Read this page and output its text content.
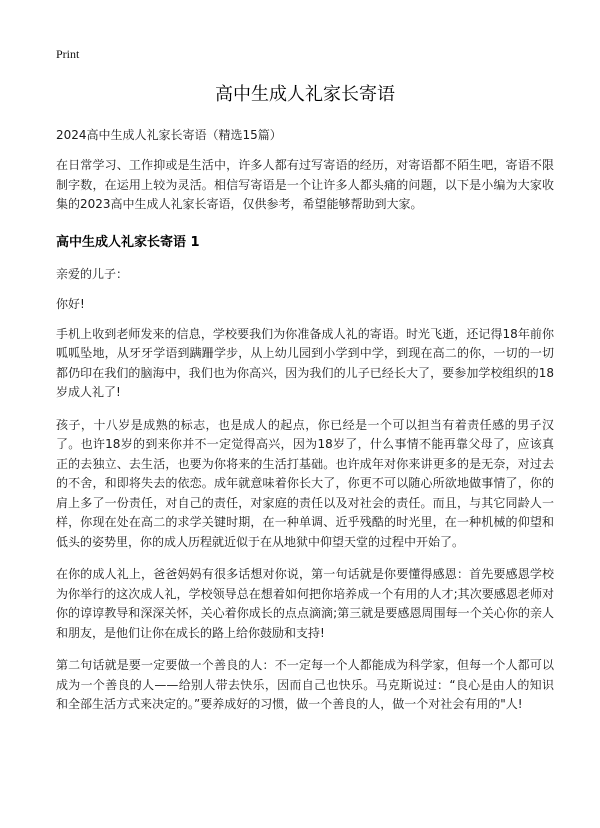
Print
高中生成人礼家长寄语
2024高中生成人礼家长寄语（精选15篇）

在日常学习、工作抑或是生活中，许多人都有过写寄语的经历，对寄语都不陌生吧，寄语不限制字数，在运用上较为灵活。相信写寄语是一个让许多人都头痛的问题，以下是小编为大家收集的2023高中生成人礼家长寄语，仅供参考，希望能够帮助到大家。

高中生成人礼家长寄语 1

亲爱的儿子：

你好!

手机上收到老师发来的信息，学校要我们为你准备成人礼的寄语。时光飞逝，还记得18年前你呱呱坠地，从牙牙学语到蹒跚学步，从上幼儿园到小学到中学，到现在高二的你，一切的一切都仍印在我们的脑海中，我们也为你高兴，因为我们的儿子已经长大了，要参加学校组织的18岁成人礼了!

孩子，十八岁是成熟的标志，也是成人的起点，你已经是一个可以担当有着责任感的男子汉了。也许18岁的到来你并不一定觉得高兴，因为18岁了，什么事情不能再靠父母了，应该真正的去独立、去生活，也要为你将来的生活打基础。也许成年对你来讲更多的是无奈，对过去的不舍，和即将失去的依恋。成年就意味着你长大了，你更不可以随心所欲地做事情了，你的肩上多了一份责任，对自己的责任，对家庭的责任以及对社会的责任。而且，与其它同龄人一样，你现在处在高二的求学关键时期，在一种单调、近乎残酷的时光里，在一种机械的仰望和低头的姿势里，你的成人历程就近似于在从地狱中仰望天堂的过程中开始了。

在你的成人礼上，爸爸妈妈有很多话想对你说，第一句话就是你要懂得感恩：首先要感恩学校为你举行的这次成人礼，学校领导总在想着如何把你培养成一个有用的人才;其次要感恩老师对你的谆谆教导和深深关怀，关心着你成长的点点滴滴;第三就是要感恩周围每一个关心你的亲人和朋友，是他们让你在成长的路上给你鼓励和支持!

第二句话就是要一定要做一个善良的人：不一定每一个人都能成为科学家，但每一个人都可以成为一个善良的人——给别人带去快乐，因而自己也快乐。马克斯说过：“良心是由人的知识和全部生活方式来决定的。”要养成好的习惯，做一个善良的人，做一个对社会有用的"人!
